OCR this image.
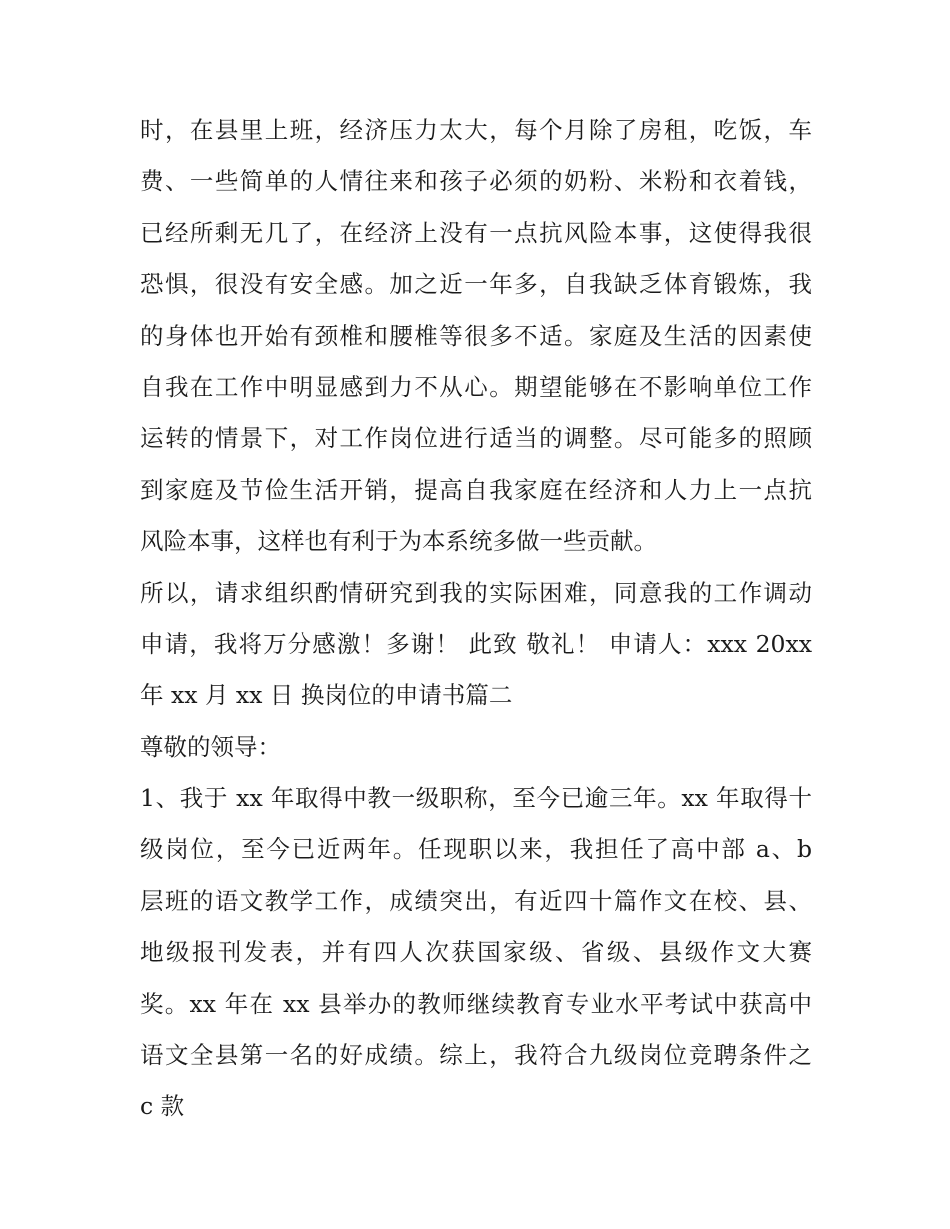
时，在县里上班，经济压力太大，每个月除了房租，吃饭，车
费、一些简单的人情往来和孩子必须的奶粉、米粉和衣着钱，
已经所剩无几了，在经济上没有一点抗风险本事，这使得我很
恐惧，很没有安全感。加之近一年多，自我缺乏体育锻炼，我
的身体也开始有颈椎和腰椎等很多不适。家庭及生活的因素使
自我在工作中明显感到力不从心。期望能够在不影响单位工作
运转的情景下，对工作岗位进行适当的调整。尽可能多的照顾
到家庭及节俭生活开销，提高自我家庭在经济和人力上一点抗
风险本事，这样也有利于为本系统多做一些贡献。
所以，请求组织酌情研究到我的实际困难，同意我的工作调动
申请，我将万分感激！多谢！ 此致 敬礼！ 申请人：xxx 20xx
年 xx 月 xx 日 换岗位的申请书篇二
尊敬的领导：
1、我于 xx 年取得中教一级职称，至今已逾三年。xx 年取得十
级岗位，至今已近两年。任现职以来，我担任了高中部 a、b
层班的语文教学工作，成绩突出，有近四十篇作文在校、县、
地级报刊发表，并有四人次获国家级、省级、县级作文大赛
奖。xx 年在 xx 县举办的教师继续教育专业水平考试中获高中
语文全县第一名的好成绩。综上，我符合九级岗位竞聘条件之
c 款
